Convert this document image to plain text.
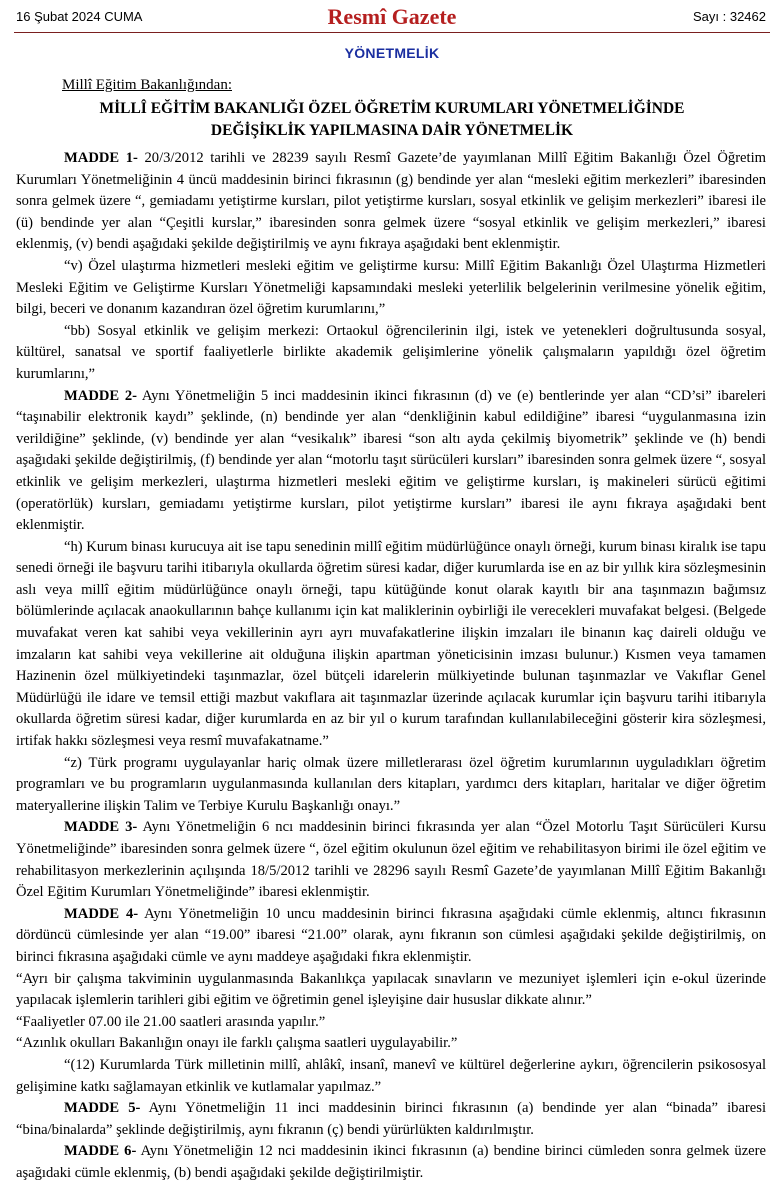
16 Şubat 2024 CUMA	Resmî Gazete	Sayı : 32462
YÖNETMELİK
Millî Eğitim Bakanlığından:
MİLLÎ EĞİTİM BAKANLIĞI ÖZEL ÖĞRETİM KURUMLARI YÖNETMELİĞİNDE
DEĞİŞİKLİK YAPILMASINA DAİR YÖNETMELİK

MADDE 1- 20/3/2012 tarihli ve 28239 sayılı Resmî Gazete’de yayımlanan Millî Eğitim Bakanlığı Özel Öğretim Kurumları Yönetmeliğinin 4 üncü maddesinin birinci fıkrasının (g) bendinde yer alan “mesleki eğitim merkezleri” ibaresinden sonra gelmek üzere “, gemiadamı yetiştirme kursları, pilot yetiştirme kursları, sosyal etkinlik ve gelişim merkezleri” ibaresi ile (ü) bendinde yer alan “Çeşitli kurslar,” ibaresinden sonra gelmek üzere “sosyal etkinlik ve gelişim merkezleri,” ibaresi eklenmiş, (v) bendi aşağıdaki şekilde değiştirilmiş ve aynı fıkraya aşağıdaki bent eklenmiştir.

“v) Özel ulaştırma hizmetleri mesleki eğitim ve geliştirme kursu: Millî Eğitim Bakanlığı Özel Ulaştırma Hizmetleri Mesleki Eğitim ve Geliştirme Kursları Yönetmeliği kapsamındaki mesleki yeterlilik belgelerinin verilmesine yönelik eğitim, bilgi, beceri ve donanım kazandıran özel öğretim kurumlarını,”

“bb) Sosyal etkinlik ve gelişim merkezi: Ortaokul öğrencilerinin ilgi, istek ve yetenekleri doğrultusunda sosyal, kültürel, sanatsal ve sportif faaliyetlerle birlikte akademik gelişimlerine yönelik çalışmaların yapıldığı özel öğretim kurumlarını,”

MADDE 2- Aynı Yönetmeliğin 5 inci maddesinin ikinci fıkrasının (d) ve (e) bentlerinde yer alan “CD’si” ibareleri “taşınabilir elektronik kaydı” şeklinde, (n) bendinde yer alan “denkliğinin kabul edildiğine” ibaresi “uygulanmasına izin verildiğine” şeklinde, (v) bendinde yer alan “vesikalık” ibaresi “son altı ayda çekilmiş biyometrik” şeklinde ve (h) bendi aşağıdaki şekilde değiştirilmiş, (f) bendinde yer alan “motorlu taşıt sürücüleri kursları” ibaresinden sonra gelmek üzere “, sosyal etkinlik ve gelişim merkezleri, ulaştırma hizmetleri mesleki eğitim ve geliştirme kursları, iş makineleri sürücü eğitimi (operatörlük) kursları, gemiadamı yetiştirme kursları, pilot yetiştirme kursları” ibaresi ile aynı fıkraya aşağıdaki bent eklenmiştir.

“h) Kurum binası kurucuya ait ise tapu senedinin millî eğitim müdürlüğünce onaylı örneği, kurum binası kiralık ise tapu senedi örneği ile başvuru tarihi itibarıyla okullarda öğretim süresi kadar, diğer kurumlarda ise en az bir yıllık kira sözleşmesinin aslı veya millî eğitim müdürlüğünce onaylı örneği, tapu kütüğünde konut olarak kayıtlı bir ana taşınmazın bağımsız bölümlerinde açılacak anaokullarının bahçe kullanımı için kat maliklerinin oybirliği ile verecekleri muvafakat belgesi. (Belgede muvafakat veren kat sahibi veya vekillerinin ayrı ayrı muvafakatlerine ilişkin imzaları ile binanın kaç daireli olduğu ve imzaların kat sahibi veya vekillerine ait olduğuna ilişkin apartman yöneticisinin imzası bulunur.) Kısmen veya tamamen Hazinenin özel mülkiyetindeki taşınmazlar, özel bütçeli idarelerin mülkiyetinde bulunan taşınmazlar ve Vakıflar Genel Müdürlüğü ile idare ve temsil ettiği mazbut vakıflara ait taşınmazlar üzerinde açılacak kurumlar için başvuru tarihi itibarıyla okullarda öğretim süresi kadar, diğer kurumlarda en az bir yıl o kurum tarafından kullanılabileceğini gösterir kira sözleşmesi, irtifak hakkı sözleşmesi veya resmî muvafakatname.”

“z) Türk programı uygulayanlar hariç olmak üzere milletlerarası özel öğretim kurumlarının uyguladıkları öğretim programları ve bu programların uygulanmasında kullanılan ders kitapları, yardımcı ders kitapları, haritalar ve diğer öğretim materyallerine ilişkin Talim ve Terbiye Kurulu Başkanlığı onayı.”

MADDE 3- Aynı Yönetmeliğin 6 ncı maddesinin birinci fıkrasında yer alan “Özel Motorlu Taşıt Sürücüleri Kursu Yönetmeliğinde” ibaresinden sonra gelmek üzere “, özel eğitim okulunun özel eğitim ve rehabilitasyon birimi ile özel eğitim ve rehabilitasyon merkezlerinin açılışında 18/5/2012 tarihli ve 28296 sayılı Resmî Gazete’de yayımlanan Millî Eğitim Bakanlığı Özel Eğitim Kurumları Yönetmeliğinde” ibaresi eklenmiştir.

MADDE 4- Aynı Yönetmeliğin 10 uncu maddesinin birinci fıkrasına aşağıdaki cümle eklenmiş, altıncı fıkrasının dördüncü cümlesinde yer alan “19.00” ibaresi “21.00” olarak, aynı fıkranın son cümlesi aşağıdaki şekilde değiştirilmiş, on birinci fıkrasına aşağıdaki cümle ve aynı maddeye aşağıdaki fıkra eklenmiştir.

“Ayrı bir çalışma takviminin uygulanmasında Bakanlıkça yapılacak sınavların ve mezuniyet işlemleri için e-okul üzerinde yapılacak işlemlerin tarihleri gibi eğitim ve öğretimin genel işleyişine dair hususlar dikkate alınır.”

“Faaliyetler 07.00 ile 21.00 saatleri arasında yapılır.”

“Azınlık okulları Bakanlığın onayı ile farklı çalışma saatleri uygulayabilir.”

“(12) Kurumlarda Türk milletinin millî, ahlâkî, insanî, manevî ve kültürel değerlerine aykırı, öğrencilerin psikososyal gelişimine katkı sağlamayan etkinlik ve kutlamalar yapılmaz.”

MADDE 5- Aynı Yönetmeliğin 11 inci maddesinin birinci fıkrasının (a) bendinde yer alan “binada” ibaresi “bina/binalarda” şeklinde değiştirilmiş, aynı fıkranın (ç) bendi yürürlükten kaldırılmıştır.

MADDE 6- Aynı Yönetmeliğin 12 nci maddesinin ikinci fıkrasının (a) bendine birinci cümleden sonra gelmek üzere aşağıdaki cümle eklenmiş, (b) bendi aşağıdaki şekilde değiştirilmiştir.
